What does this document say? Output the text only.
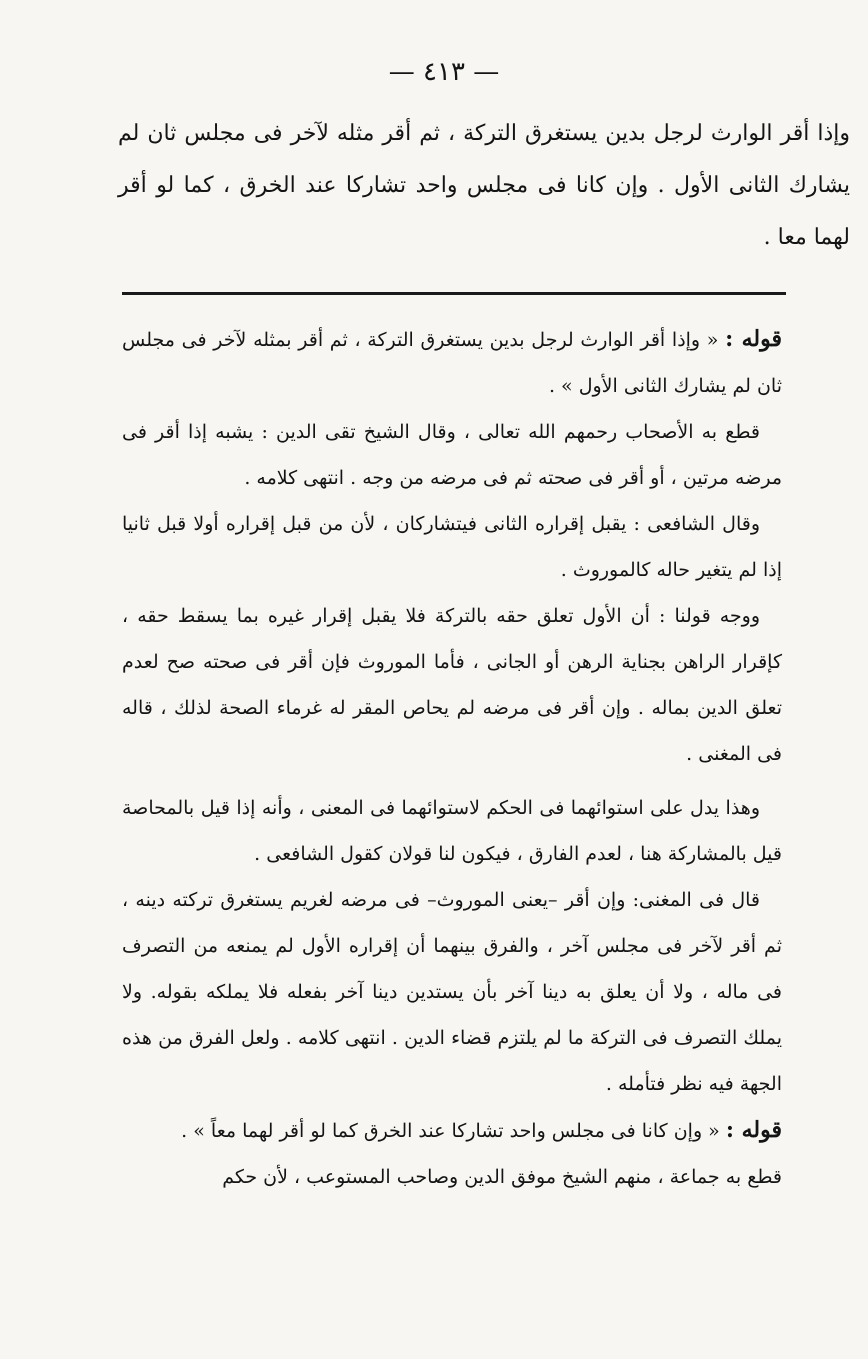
— ٤١٣ —

وإذا أقر الوارث لرجل بدين يستغرق التركة ، ثم أقر مثله لآخر فى مجلس ثان لم يشارك الثانى الأول . وإن كانا فى مجلس واحد تشاركا عند الخرق ، كما لو أقر لهما معا .

قوله : « وإذا أقر الوارث لرجل بدين يستغرق التركة ، ثم أقر بمثله لآخر فى مجلس ثان لم يشارك الثانى الأول » .

قطع به الأصحاب رحمهم الله تعالى ، وقال الشيخ تقى الدين : يشبه إذا أقر فى مرضه مرتين ، أو أقر فى صحته ثم فى مرضه من وجه . انتهى كلامه .

وقال الشافعى : يقبل إقراره الثانى فيتشاركان ، لأن من قبل إقراره أولا قبل ثانيا إذا لم يتغير حاله كالموروث .

ووجه قولنا : أن الأول تعلق حقه بالتركة فلا يقبل إقرار غيره بما يسقط حقه ، كإقرار الراهن بجناية الرهن أو الجانى ، فأما الموروث فإن أقر فى صحته صح لعدم تعلق الدين بماله . وإن أقر فى مرضه لم يحاص المقر له غرماء الصحة لذلك ، قاله فى المغنى .

وهذا يدل على استوائهما فى الحكم لاستوائهما فى المعنى ، وأنه إذا قيل بالمحاصة قيل بالمشاركة هنا ، لعدم الفارق ، فيكون لنا قولان كقول الشافعى .

قال فى المغنى: وإن أقر –يعنى الموروث– فى مرضه لغريم يستغرق تركته دينه ، ثم أقر لآخر فى مجلس آخر ، والفرق بينهما أن إقراره الأول لم يمنعه من التصرف فى ماله ، ولا أن يعلق به دينا آخر بأن يستدين دينا آخر بفعله فلا يملكه بقوله. ولا يملك التصرف فى التركة ما لم يلتزم قضاء الدين . انتهى كلامه . ولعل الفرق من هذه الجهة فيه نظر فتأمله .

قوله : « وإن كانا فى مجلس واحد تشاركا عند الخرق كما لو أقر لهما معاً » .

قطع به جماعة ، منهم الشيخ موفق الدين وصاحب المستوعب ، لأن حكم
